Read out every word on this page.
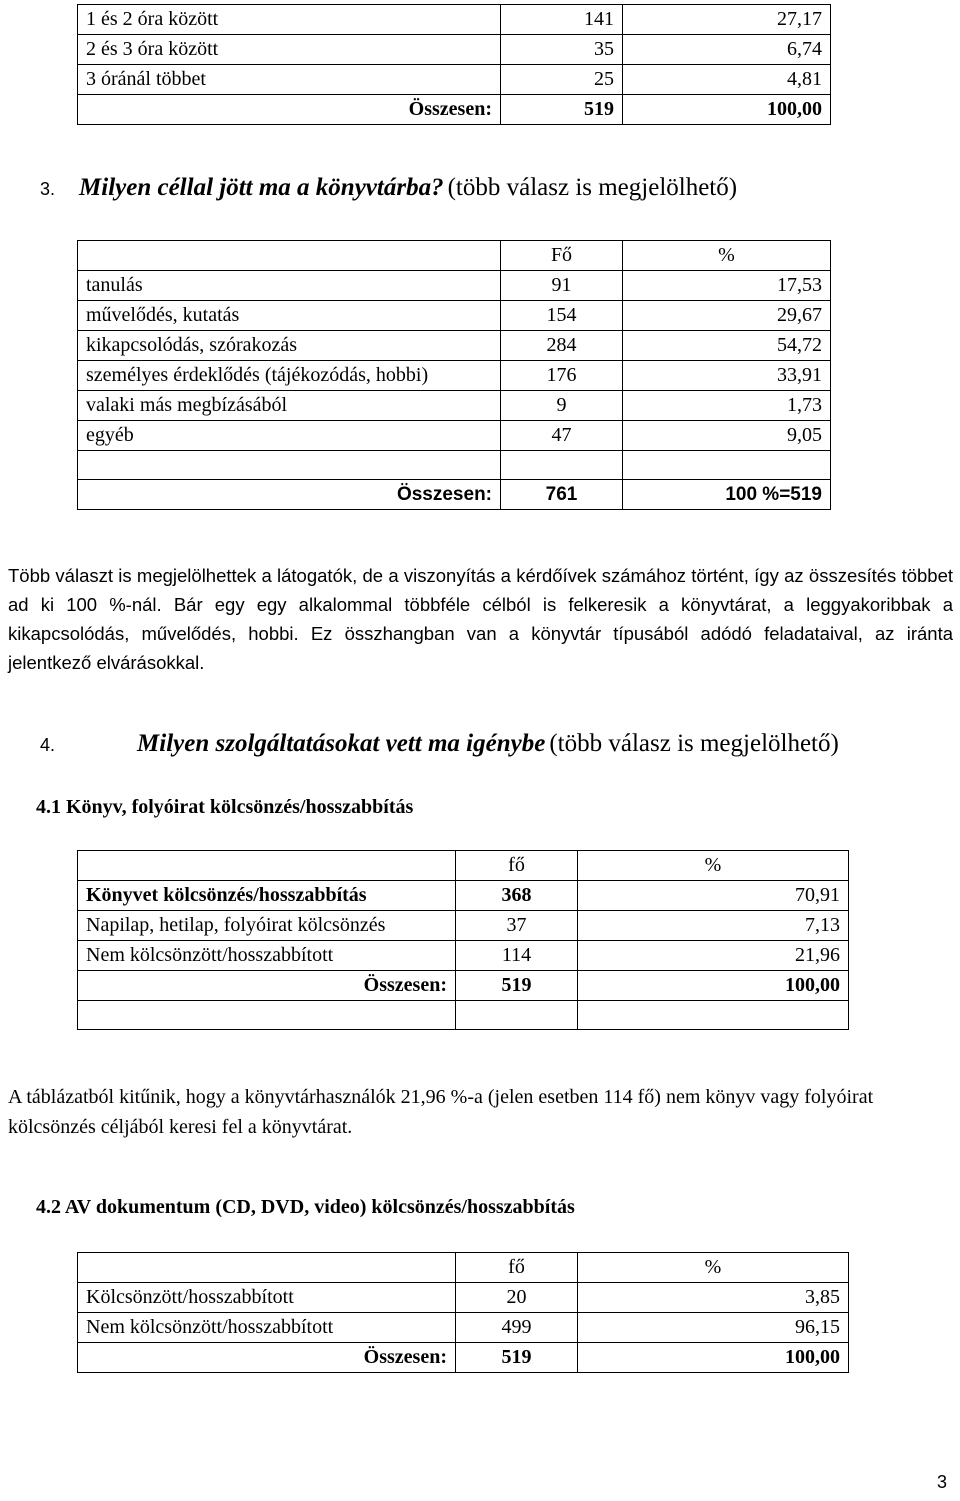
1 és 2 óra között	141	27,17
2 és 3 óra között	35	6,74
3 óránál többet	25	4,81
Összesen:	519	100,00
3. Milyen céllal jött ma a könyvtárba? (több válasz is megjelölhető)
	Fő	%
tanulás	91	17,53
művelődés, kutatás	154	29,67
kikapcsolódás, szórakozás	284	54,72
személyes érdeklődés (tájékozódás, hobbi)	176	33,91
valaki más megbízásából	9	1,73
egyéb	47	9,05

Összesen:	761	100 %=519

Több választ is megjelölhettek a látogatók, de a viszonyítás a kérdőívek számához történt, így az összesítés többet ad ki 100 %-nál. Bár egy egy alkalommal többféle célból is felkeresik a könyvtárat, a leggyakoribbak a kikapcsolódás, művelődés, hobbi. Ez összhangban van a könyvtár típusából adódó feladataival, az iránta jelentkező elvárásokkal.

4.	Milyen szolgáltatásokat vett ma igénybe (több válasz is megjelölhető)
4.1 Könyv, folyóirat kölcsönzés/hosszabbítás
	fő	%
Könyvet kölcsönzés/hosszabbítás	368	70,91
Napilap, hetilap, folyóirat kölcsönzés	37	7,13
Nem kölcsönzött/hosszabbított	114	21,96
Összesen:	519	100,00

A táblázatból kitűnik, hogy a könyvtárhasználók 21,96 %-a (jelen esetben 114 fő) nem könyv vagy folyóirat kölcsönzés céljából keresi fel a könyvtárat.

4.2 AV dokumentum (CD, DVD, video) kölcsönzés/hosszabbítás
	fő	%
Kölcsönzött/hosszabbított	20	3,85
Nem kölcsönzött/hosszabbított	499	96,15
Összesen:	519	100,00
3
